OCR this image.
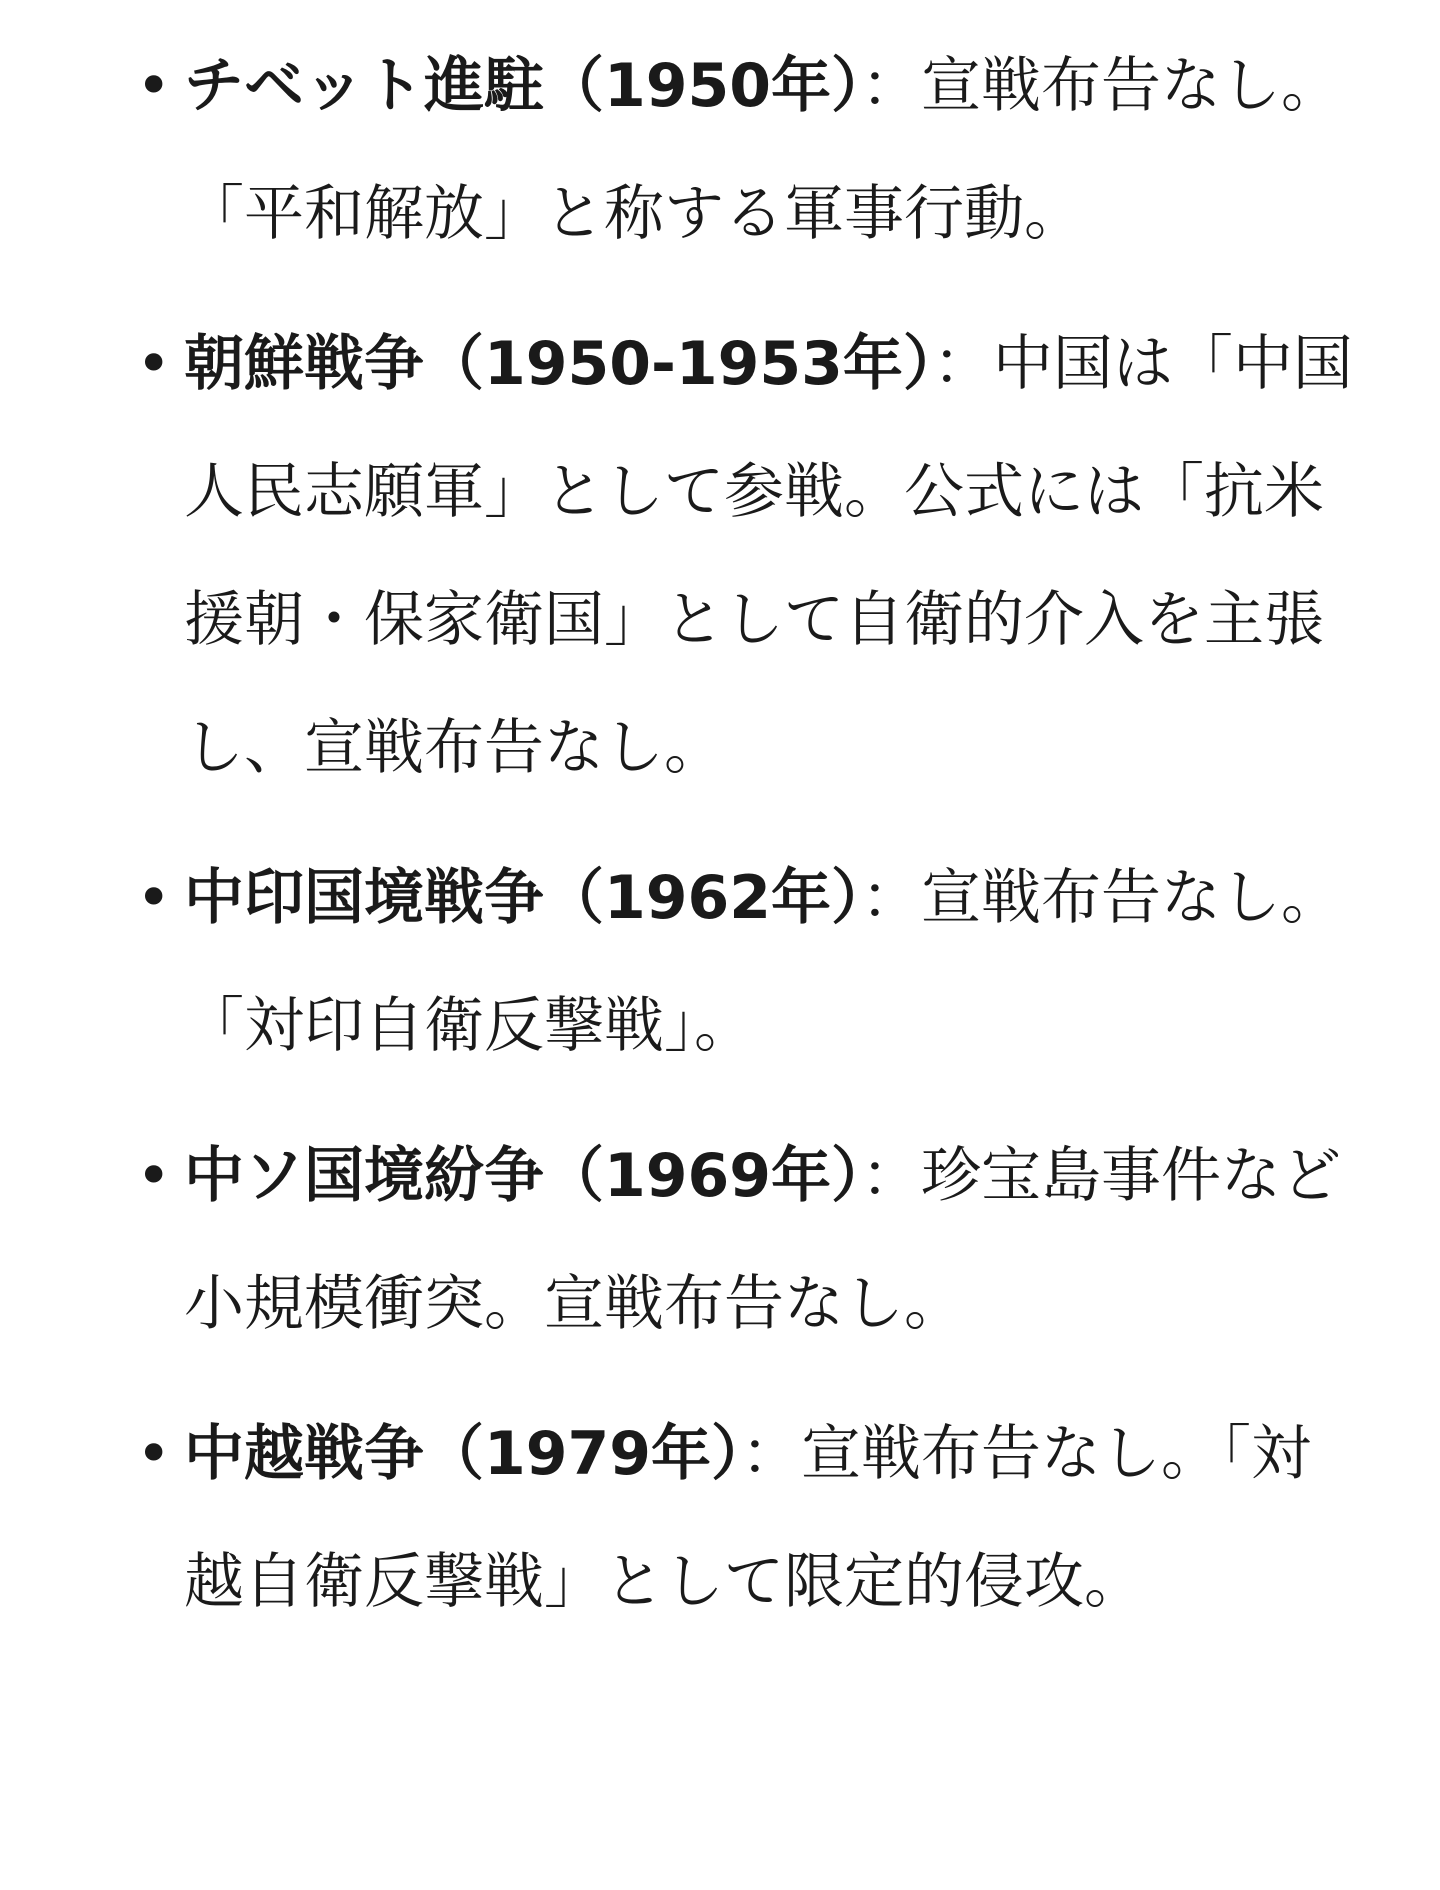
• チベット進駐（1950年）：宣戦布告なし。「平和解放」と称する軍事行動。
• 朝鮮戦争（1950-1953年）：中国は「中国人民志願軍」として参戦。公式には「抗米援朝・保家衛国」として自衛的介入を主張し、宣戦布告なし。
• 中印国境戦争（1962年）：宣戦布告なし。「対印自衛反撃戦」。
• 中ソ国境紛争（1969年）：珍宝島事件など小規模衝突。宣戦布告なし。
• 中越戦争（1979年）：宣戦布告なし。「対越自衛反撃戦」として限定的侵攻。
